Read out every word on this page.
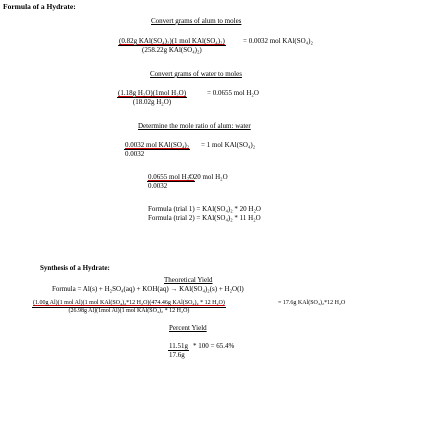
Formula of a Hydrate:
Convert grams of alum to moles
(0.82g KAl(SO₄)₂)(1 mol KAl(SO₄)₂)
(258.22g KAl(SO₄)₂)
= 0.0032 mol KAl(SO₄)₂
Convert grams of water to moles
(1.18g H₂O)(1mol H₂O)
(18.02g H₂O)
= 0.0655 mol H₂O
Determine the mole ratio of alum: water
0.0032 mol KAl(SO₄)₂
0.0032
= 1 mol KAl(SO₄)₂
0.0655 mol H₂O
0.0032
= 20 mol H₂O
Formula (trial 1) = KAl(SO₄)₂ * 20 H₂O
Formula (trial 2) = KAl(SO₄)₂ * 11 H₂O
Synthesis of a Hydrate:
Theoretical Yield
Formula = Al(s) + H₂SO₄(aq) + KOH(aq) → KAl(SO₄)₂(s) + H₂O(l)
(1.00g Al)(1 mol Al)(1 mol KAl(SO₄)₂*12 H₂O)(474.46g KAl(SO₄)₂ * 12 H₂O)
(26.98g Al)(1mol Al)(1 mol KAl(SO₄)₂ * 12 H₂O)
= 17.6g KAl(SO₄)₂*12 H₂O
Percent Yield
$\frac{11.51g}{17.6g} * 100 = 65.4\%$
